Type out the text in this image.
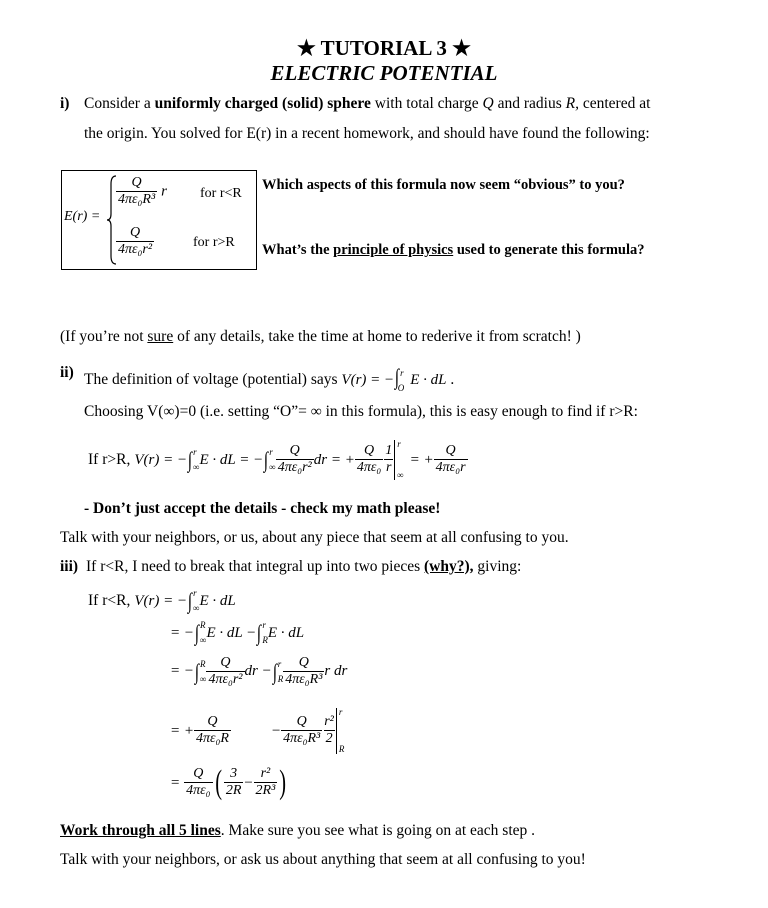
★ TUTORIAL 3 ★
ELECTRIC POTENTIAL
i) Consider a uniformly charged (solid) sphere with total charge Q and radius R, centered at
the origin. You solved for E(r) in a recent homework, and should have found the following:
E(r) =
$\frac{Q}{\text{4πε₀R³}}$ r for r<R
$\frac{Q}{\text{4πε₀r²}}$	for r>R
Which aspects of this formula now seem “obvious” to you?
What’s the principle of physics used to generate this formula?
(If you’re not sure of any details, take the time at home to rederive it from scratch! )
ii) The definition of voltage (potential) says V(r) = −∫$^r_O$ E · dL .
Choosing V(∞)=0 (i.e. setting “O”= ∞ in this formula), this is easy enough to find if r>R:
If r>R,
V(r) = − ∫ r
∞ E · dL = − ∫ r
∞ $\frac{Q}{\text{4πε₀r²}}$ dr = + $\frac{Q}{\text{4πε₀}} \frac{1}{r}$
r
∞
= + $\frac{Q}{\text{4πε₀r}}$
- Don’t just accept the details - check my math please!
Talk with your neighbors, or us, about any piece that seem at all confusing to you.
iii) If r<R, I need to break that integral up into two pieces (why?), giving:
If r<R,
V(r) = − ∫ r
∞ E · dL
= − ∫ R
∞ E · dL − ∫ r
R E · dL
= − ∫ R
∞ $\frac{Q}{\text{4πε₀r²}}$ dr − ∫ r
R $\frac{Q}{\text{4πε₀R³}}$ r dr
= + $\frac{Q}{\text{4πε₀R}}$	− $\frac{Q}{\text{4πε₀R³}} \frac{\text{r²}}{2}$
r
R
=
$\frac{Q}{\text{4πε₀}}$ ( $\frac{3}{2R} - \frac{\text{r²}}{\text{2R³}}$ )
Work through all 5 lines. Make sure you see what is going on at each step .
Talk with your neighbors, or ask us about anything that seem at all confusing to you!
